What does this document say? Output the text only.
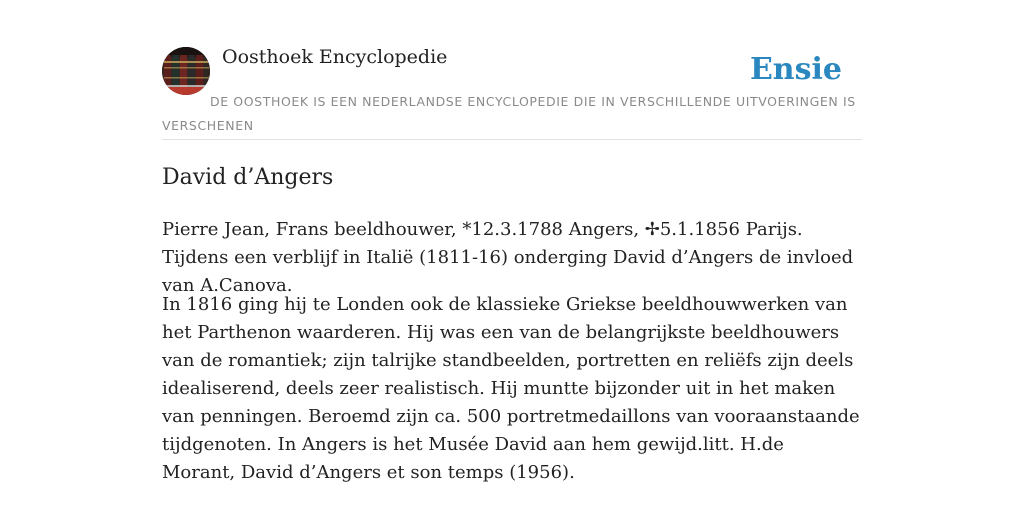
Oosthoek Encyclopedie	Ensie

DE OOSTHOEK IS EEN NEDERLANDSE ENCYCLOPEDIE DIE IN VERSCHILLENDE UITVOERINGEN IS VERSCHENEN

David d’Angers

Pierre Jean, Frans beeldhouwer, *12.3.1788 Angers, ✢5.1.1856 Parijs. Tijdens een verblijf in Italië (1811-16) onderging David d’Angers de invloed van A.Canova.

In 1816 ging hij te Londen ook de klassieke Griekse beeldhouwwerken van het Parthenon waarderen. Hij was een van de belangrijkste beeldhouwers van de romantiek; zijn talrijke standbeelden, portretten en reliëfs zijn deels idealiserend, deels zeer realistisch. Hij muntte bijzonder uit in het maken van penningen. Beroemd zijn ca. 500 portretmedaillons van vooraanstaande tijdgenoten. In Angers is het Musée David aan hem gewijd.litt. H.de Morant, David d’Angers et son temps (1956).
